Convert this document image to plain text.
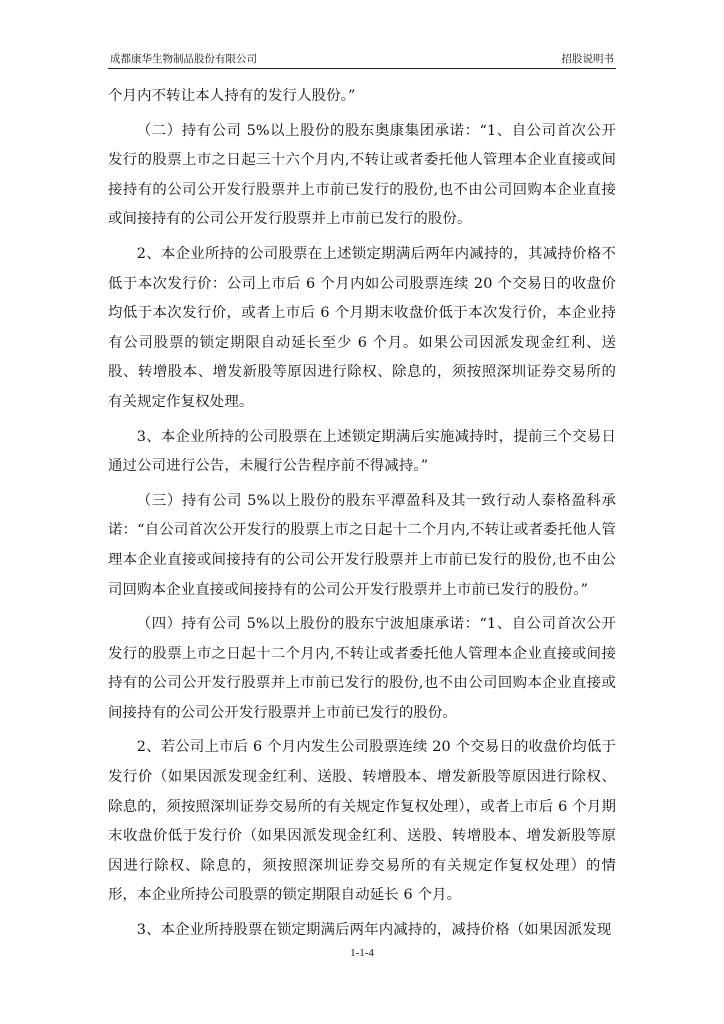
成都康华生物制品股份有限公司	招股说明书

个月内不转让本人持有的发行人股份。”

（二）持有公司 5%以上股份的股东奥康集团承诺：“1、自公司首次公开发行的股票上市之日起三十六个月内,不转让或者委托他人管理本企业直接或间接持有的公司公开发行股票并上市前已发行的股份,也不由公司回购本企业直接或间接持有的公司公开发行股票并上市前已发行的股份。

2、本企业所持的公司股票在上述锁定期满后两年内减持的，其减持价格不低于本次发行价：公司上市后 6 个月内如公司股票连续 20 个交易日的收盘价均低于本次发行价，或者上市后 6 个月期末收盘价低于本次发行价，本企业持有公司股票的锁定期限自动延长至少 6 个月。如果公司因派发现金红利、送股、转增股本、增发新股等原因进行除权、除息的，须按照深圳证券交易所的有关规定作复权处理。

3、本企业所持的公司股票在上述锁定期满后实施减持时，提前三个交易日通过公司进行公告，未履行公告程序前不得减持。”

（三）持有公司 5%以上股份的股东平潭盈科及其一致行动人泰格盈科承诺：“自公司首次公开发行的股票上市之日起十二个月内,不转让或者委托他人管理本企业直接或间接持有的公司公开发行股票并上市前已发行的股份,也不由公司回购本企业直接或间接持有的公司公开发行股票并上市前已发行的股份。”

（四）持有公司 5%以上股份的股东宁波旭康承诺：“1、自公司首次公开发行的股票上市之日起十二个月内,不转让或者委托他人管理本企业直接或间接持有的公司公开发行股票并上市前已发行的股份,也不由公司回购本企业直接或间接持有的公司公开发行股票并上市前已发行的股份。

2、若公司上市后 6 个月内发生公司股票连续 20 个交易日的收盘价均低于发行价（如果因派发现金红利、送股、转增股本、增发新股等原因进行除权、除息的，须按照深圳证券交易所的有关规定作复权处理），或者上市后 6 个月期末收盘价低于发行价（如果因派发现金红利、送股、转增股本、增发新股等原因进行除权、除息的，须按照深圳证券交易所的有关规定作复权处理）的情形，本企业所持公司股票的锁定期限自动延长 6 个月。

3、本企业所持股票在锁定期满后两年内减持的，减持价格（如果因派发现

1-1-4
